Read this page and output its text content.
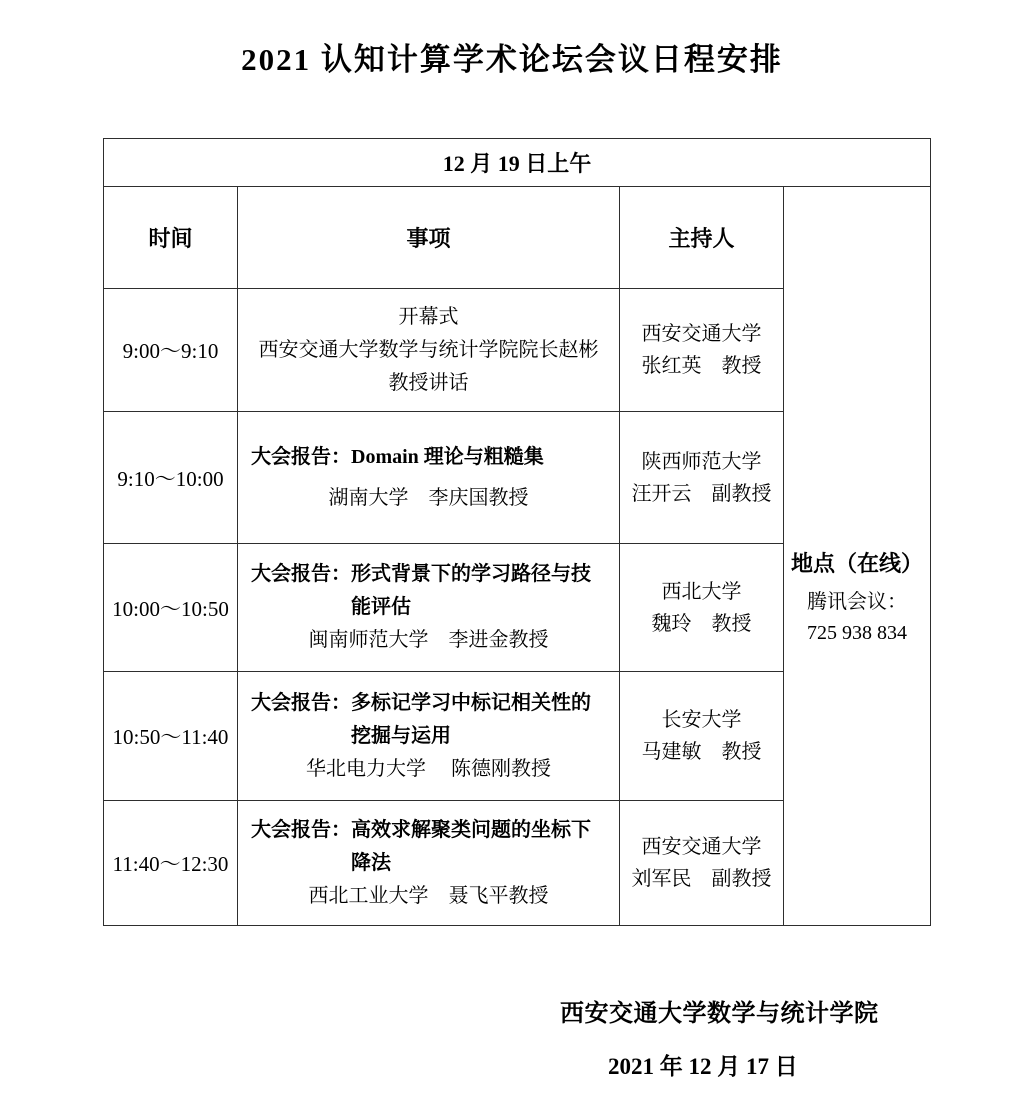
2021 认知计算学术论坛会议日程安排
12 月 19 日上午			
时间	事项	主持人	地点（在线）
腾讯会议：
725 938 834

9:00～9:10	
开幕式
西安交通大学数学与统计学院院长赵彬
教授讲话

西安交通大学
张红英　教授

9:10～10:00	
大会报告：Domain 理论与粗糙集
湖南大学　李庆国教授

陕西师范大学
汪开云　副教授

10:00～10:50	
大会报告：形式背景下的学习路径与技
能评估
闽南师范大学　李进金教授

西北大学
魏玲　教授

10:50～11:40	
大会报告：多标记学习中标记相关性的
挖掘与运用
华北电力大学　 陈德刚教授

长安大学
马建敏　教授

11:40～12:30	
大会报告：高效求解聚类问题的坐标下
降法
西北工业大学　聂飞平教授

西安交通大学
刘军民　副教授
西安交通大学数学与统计学院
2021 年 12 月 17 日
